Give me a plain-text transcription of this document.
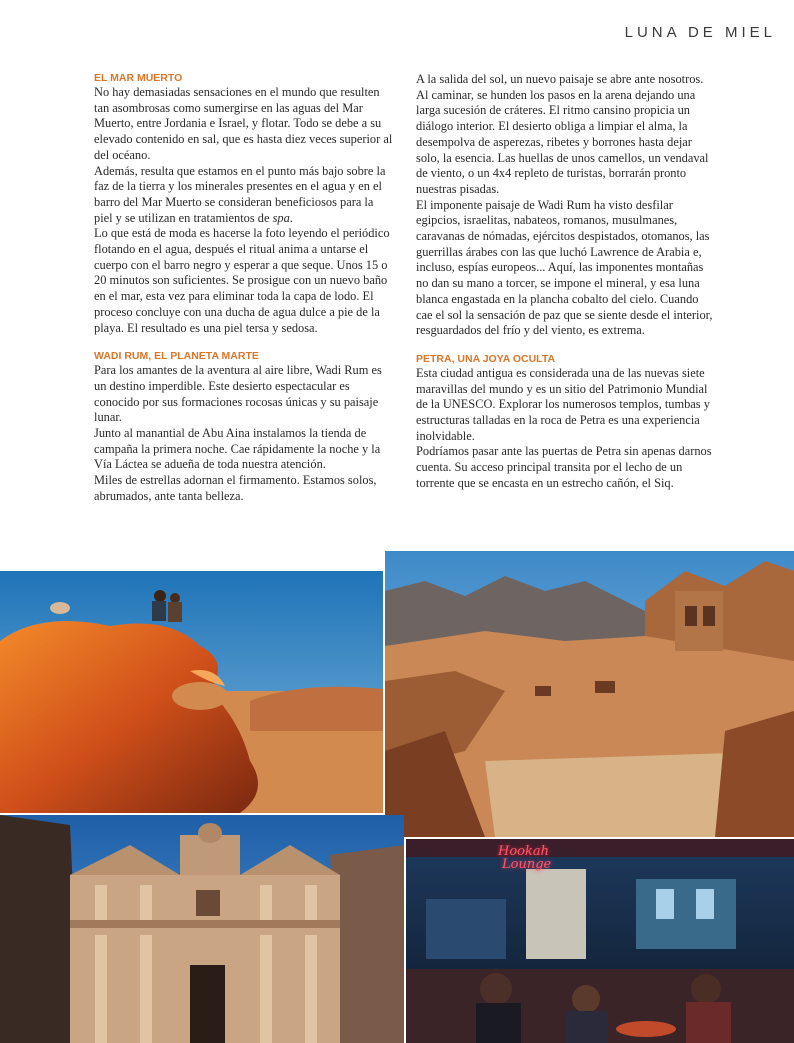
LUNA DE MIEL
EL MAR MUERTO

No hay demasiadas sensaciones en el mundo que resulten tan asombrosas como sumergirse en las aguas del Mar Muerto, entre Jordania e Israel, y flotar. Todo se debe a su elevado contenido en sal, que es hasta diez veces superior al del océano.

Además, resulta que estamos en el punto más bajo sobre la faz de la tierra y los minerales presentes en el agua y en el barro del Mar Muerto se consideran beneficiosos para la piel y se utilizan en tratamientos de spa.

Lo que está de moda es hacerse la foto leyendo el periódico flotando en el agua, después el ritual anima a untarse el cuerpo con el barro negro y esperar a que seque. Unos 15 o 20 minutos son suficientes. Se prosigue con un nuevo baño en el mar, esta vez para eliminar toda la capa de lodo. El proceso concluye con una ducha de agua dulce a pie de la playa. El resultado es una piel tersa y sedosa.

WADI RUM, EL PLANETA MARTE

Para los amantes de la aventura al aire libre, Wadi Rum es un destino imperdible. Este desierto espectacular es conocido por sus formaciones rocosas únicas y su paisaje lunar.

Junto al manantial de Abu Aina instalamos la tienda de campaña la primera noche. Cae rápidamente la noche y la Vía Láctea se adueña de toda nuestra atención.

Miles de estrellas adornan el firmamento. Estamos solos, abrumados, ante tanta belleza.

A la salida del sol, un nuevo paisaje se abre ante nosotros. Al caminar, se hunden los pasos en la arena dejando una larga sucesión de cráteres. El ritmo cansino propicia un diálogo interior. El desierto obliga a limpiar el alma, la desempolva de asperezas, ribetes y borrones hasta dejar solo, la esencia. Las huellas de unos camellos, un vendaval de viento, o un 4x4 repleto de turistas, borrarán pronto nuestras pisadas.

El imponente paisaje de Wadi Rum ha visto desfilar egipcios, israelitas, nabateos, romanos, musulmanes, caravanas de nómadas, ejércitos despistados, otomanos, las guerrillas árabes con las que luchó Lawrence de Arabia e, incluso, espías europeos... Aquí, las imponentes montañas no dan su mano a torcer, se impone el mineral, y esa luna blanca engastada en la plancha cobalto del cielo. Cuando cae el sol la sensación de paz que se siente desde el interior, resguardados del frío y del viento, es extrema.

PETRA, UNA JOYA OCULTA

Esta ciudad antigua es considerada una de las nuevas siete maravillas del mundo y es un sitio del Patrimonio Mundial de la UNESCO. Explorar los numerosos templos, tumbas y estructuras talladas en la roca de Petra es una experiencia inolvidable.

Podríamos pasar ante las puertas de Petra sin apenas darnos cuenta. Su acceso principal transita por el lecho de un torrente que se encasta en un estrecho cañón, el Siq.

Hookah
Lounge
